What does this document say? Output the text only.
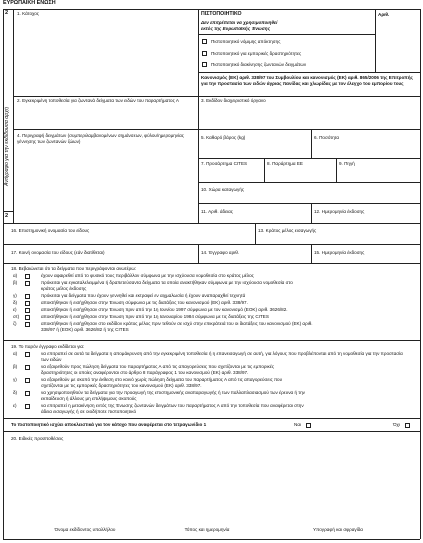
ΕΥΡΩΠΑΪΚΗ ΕΝΩΣΗ
2
2
Αντίγραφο για την εκδίδουσα αρχή
1. Κάτοχος	ΠΙΣΤΟΠΟΙΗΤΙΚΟ
Δεν επιτρέπεται να χρησιμοποιηθεί
εκτός της Ευρωπαϊκής Ένωσης
Αριθ.
Πιστοποιητικό νόμιμης απόκτησης
Πιστοποιητικό για εμπορικές δραστηριότητες
Πιστοποιητικό διακίνησης ζωντανών δειγμάτων
Κανονισμός (ΕΚ) αριθ. 338/97 του Συμβουλίου και κανονισμός (ΕΚ) αριθ. 865/2006 της Επιτροπής για την προστασία των ειδών άγριας πανίδας και χλωρίδας με τον έλεγχο του εμπορίου τους
2. Εγκεκριμένη τοποθεσία για ζωντανά δείγματα των ειδών του παραρτήματος Α	3. Εκδίδον διαχειριστικό όργανο
4. Περιγραφή δειγμάτων (συμπεριλαμβανομένων σημάνσεων, φύλου/ημερομηνίας γέννησης των ζωντανών ζώων)
5. Καθαρό βάρος (kg)	6. Ποσότητα
7. Προσάρτημα CITES	8. Παράρτημα ΕΕ	9. Πηγή
10. Χώρα καταγωγής
11. Αριθ. άδειας	12. Ημερομηνία έκδοσης
16. Επιστημονική ονομασία του είδους	13. Κράτος μέλος εισαγωγής
17. Κοινή ονομασία του είδους (εάν διατίθεται)	14. Έγγραφο αριθ.	15. Ημερομηνία έκδοσης
18. Βεβαιώνεται ότι τα δείγματα που περιγράφονται ανωτέρω:
α)	έχουν αφαιρεθεί από το φυσικό τους περιβάλλον σύμφωνα με την ισχύουσα νομοθεσία στο κράτος μέλος
β)	πρόκειται για εγκαταλελειμμένα ή δραπετεύσαντα δείγματα τα οποία ανακτήθηκαν σύμφωνα με την ισχύουσα νομοθεσία στο
κράτος μέλος έκδοσης
γ)	πρόκειται για δείγματα που έχουν γεννηθεί και εκτραφεί εν αιχμαλωσία ή έχουν αναπαραχθεί τεχνητά
δ)	αποκτήθηκαν ή εισήχθησαν στην Ένωση σύμφωνα με τις διατάξεις του κανονισμού (ΕΚ) αριθ. 338/97.
ε)	αποκτήθηκαν ή εισήχθησαν στην Ένωση πριν από την 1η Ιουνίου 1997 σύμφωνα με τον κανονισμό (ΕΟΚ) αριθ. 3626/82.
στ)	αποκτήθηκαν ή εισήχθησαν στην Ένωση πριν από την 1η Ιανουαρίου 1984 σύμφωνα με τις διατάξεις της CITES
ζ)	αποκτήθηκαν ή εισήχθησαν στο εκδίδον κράτος μέλος πριν τεθούν σε ισχύ στην επικράτειά του οι διατάξεις του κανονισμού (ΕΚ) αριθ.
338/97 ή (ΕΟΚ) αριθ. 3626/82 ή της CITES
19. Το παρόν έγγραφο εκδίδεται για:
α)	να επιτραπεί σε αυτά τα δείγματα η απομάκρυνση από την εγκεκριμένη τοποθεσία ή η επανεισαγωγή σε αυτή, για λόγους που προβλέπονται από τη νομοθεσία για την προστασία
των ειδών
β)	να εξαιρεθούν προς πώληση δείγματα του παραρτήματος Α από τις απαγορεύσεις που σχετίζονται με τις εμπορικές
δραστηριότητες οι οποίες αναφέρονται στο άρθρο 8 παράγραφος 1 του κανονισμού (ΕΚ) αριθ. 338/97.
γ)	να εξαιρεθούν με σκοπό την έκθεση στο κοινό χωρίς πώληση δείγματα του παραρτήματος Α από τις απαγορεύσεις που
σχετίζονται με τις εμπορικές δραστηριότητες του κανονισμού (ΕΚ) αριθ. 338/97.
δ)	να χρησιμοποιηθούν τα δείγματα για την προαγωγή της επιστημονικής αναπαραγωγής ή των παλλαπλασιασμού των έρευνα ή την
εκπαίδευση ή άλλους μη επιλήψιμους σκοπούς
ε)	να επιτραπεί η μετακίνηση εντός της Ένωσης ζωντανών δειγμάτων του παραρτήματος Α από την τοποθεσία που αναφέρεται στην
άδεια εισαγωγής ή σε οιοδήποτε πιστοποιητικό
Το πιστοποιητικό ισχύει αποκλειστικά για τον κάτοχο που αναφέρεται στο τετραγωνίδιο 1	Ναι	Όχι
20. Ειδικές προϋποθέσεις
Όνομα εκδίδοντος υπαλλήλου	Τόπος και ημερομηνία	Υπογραφή και σφραγίδα
